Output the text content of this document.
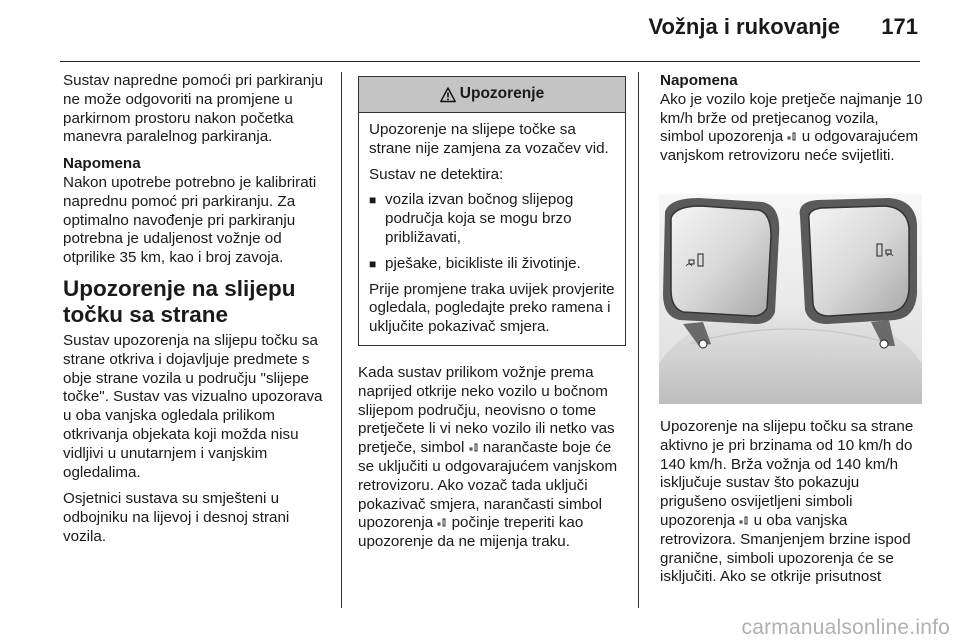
Vožnja i rukovanje 171

Sustav napredne pomoći pri parkiranju ne može odgovoriti na promjene u parkirnom prostoru nakon početka manevra paralelnog parkiranja.

Napomena

Nakon upotrebe potrebno je kalibrirati naprednu pomoć pri parkiranju. Za optimalno navođenje pri parkiranju potrebna je udaljenost vožnje od otprilike 35 km, kao i broj zavoja.

Upozorenje na slijepu točku sa strane

Sustav upozorenja na slijepu točku sa strane otkriva i dojavljuje predmete s obje strane vozila u području "slijepe točke". Sustav vas vizualno upozorava u oba vanjska ogledala prilikom otkrivanja objekata koji možda nisu vidljivi u unutarnjem i vanjskim ogledalima.

Osjetnici sustava su smješteni u odbojniku na lijevoj i desnoj strani vozila.

Upozorenje

Upozorenje na slijepe točke sa strane nije zamjena za vozačev vid.

Sustav ne detektira:

■ vozila izvan bočnog slijepog područja koja se mogu brzo približavati,
■ pješake, bicikliste ili životinje.

Prije promjene traka uvijek provjerite ogledala, pogledajte preko ramena i uključite pokazivač smjera.

Kada sustav prilikom vožnje prema naprijed otkrije neko vozilo u bočnom slijepom području, neovisno o tome pretječete li vi neko vozilo ili netko vas pretječe, simbol  narančaste boje će se uključiti u odgovarajućem vanjskom retrovizoru. Ako vozač tada uključi pokazivač smjera, narančasti simbol upozorenja  počinje treperiti kao upozorenje da ne mijenja traku.

Napomena

Ako je vozilo koje pretječe najmanje 10 km/h brže od pretjecanog vozila, simbol upozorenja  u odgovarajućem vanjskom retrovizoru neće svijetliti.

Upozorenje na slijepu točku sa strane aktivno je pri brzinama od 10 km/h do 140 km/h. Brža vožnja od 140 km/h isključuje sustav što pokazuju prigušeno osvijetljeni simboli upozorenja  u oba vanjska retrovizora. Smanjenjem brzine ispod granične, simboli upozorenja će se isključiti. Ako se otkrije prisutnost
carmanualsonline.info
